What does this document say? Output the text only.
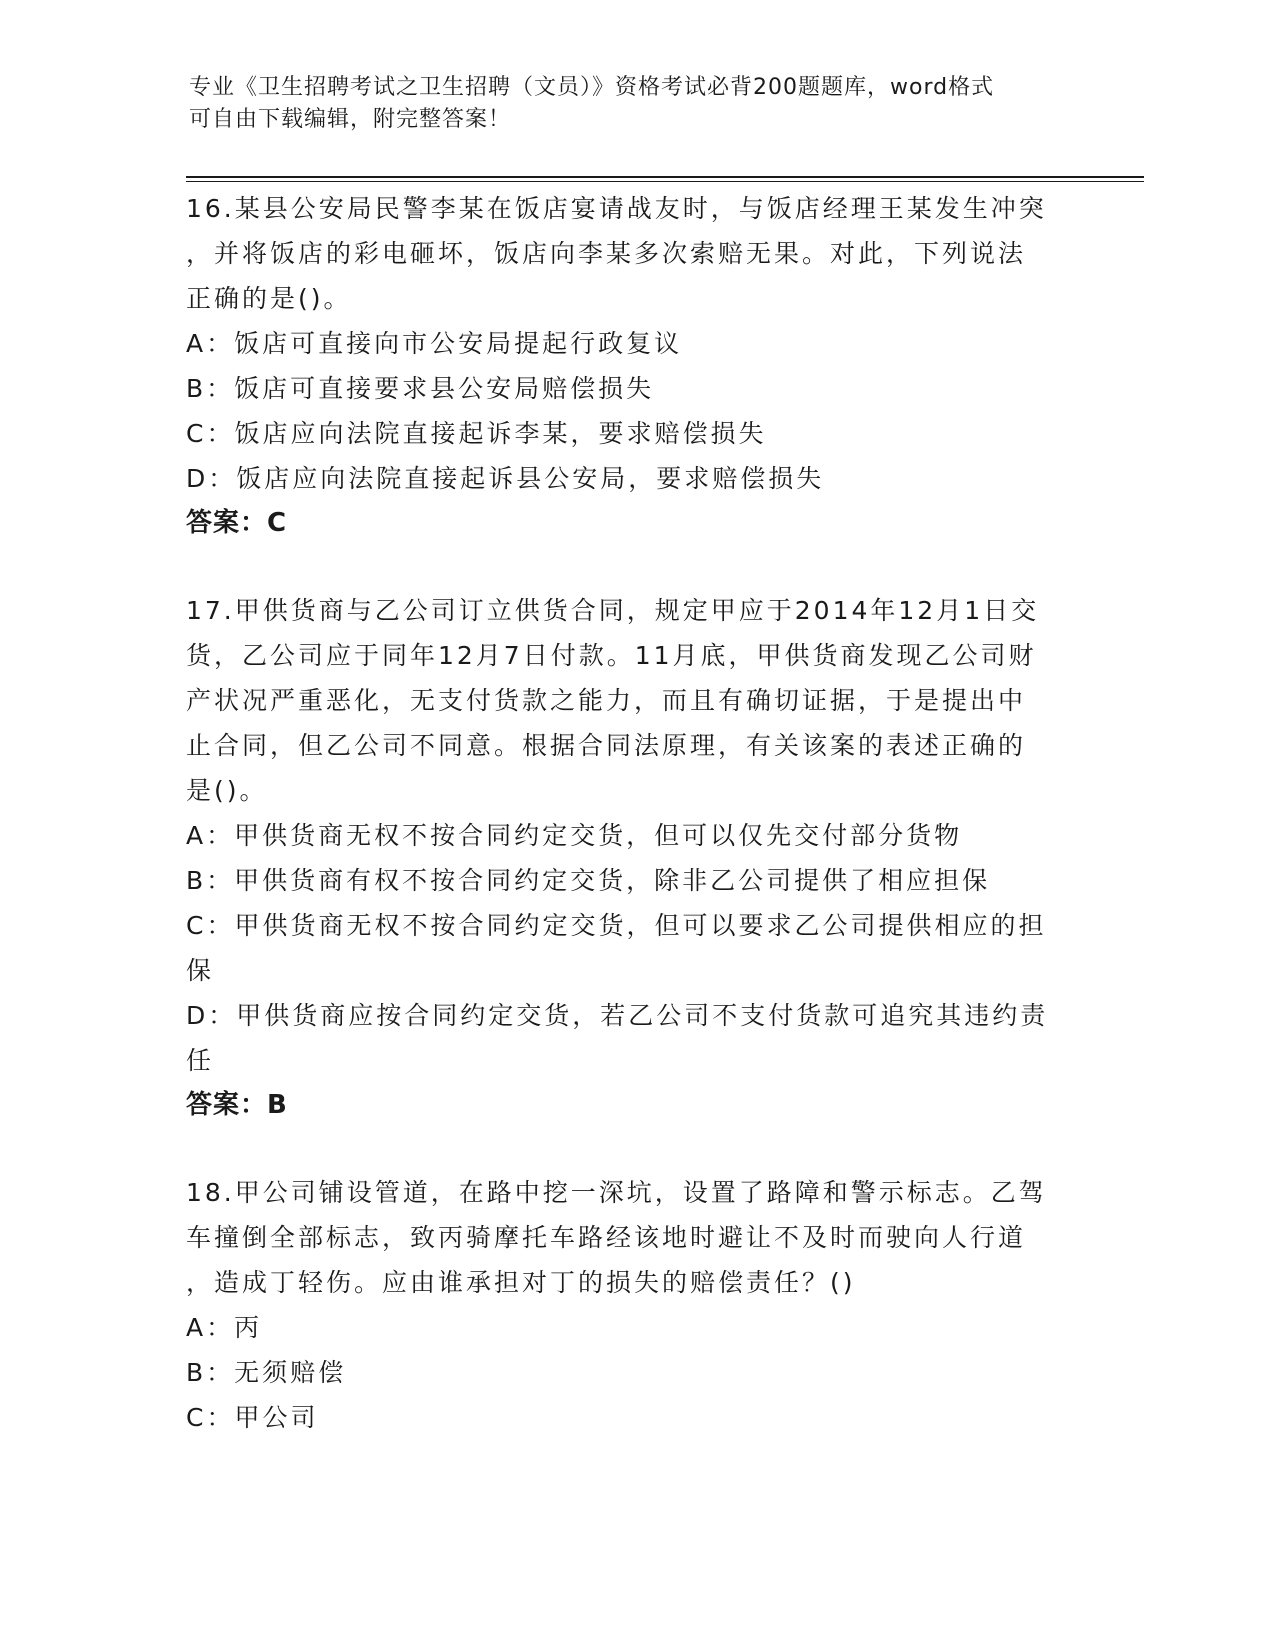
专业《卫生招聘考试之卫生招聘（文员）》资格考试必背200题题库，word格式
可自由下载编辑，附完整答案！
16.某县公安局民警李某在饭店宴请战友时，与饭店经理王某发生冲突
，并将饭店的彩电砸坏，饭店向李某多次索赔无果。对此，下列说法
正确的是()。
A：饭店可直接向市公安局提起行政复议
B：饭店可直接要求县公安局赔偿损失
C：饭店应向法院直接起诉李某，要求赔偿损失
D：饭店应向法院直接起诉县公安局，要求赔偿损失
答案：C
17.甲供货商与乙公司订立供货合同，规定甲应于2014年12月1日交
货，乙公司应于同年12月7日付款。11月底，甲供货商发现乙公司财
产状况严重恶化，无支付货款之能力，而且有确切证据，于是提出中
止合同，但乙公司不同意。根据合同法原理，有关该案的表述正确的
是()。
A：甲供货商无权不按合同约定交货，但可以仅先交付部分货物
B：甲供货商有权不按合同约定交货，除非乙公司提供了相应担保
C：甲供货商无权不按合同约定交货，但可以要求乙公司提供相应的担
保
D：甲供货商应按合同约定交货，若乙公司不支付货款可追究其违约责
任
答案：B
18.甲公司铺设管道，在路中挖一深坑，设置了路障和警示标志。乙驾
车撞倒全部标志，致丙骑摩托车路经该地时避让不及时而驶向人行道
，造成丁轻伤。应由谁承担对丁的损失的赔偿责任？()
A：丙
B：无须赔偿
C：甲公司
